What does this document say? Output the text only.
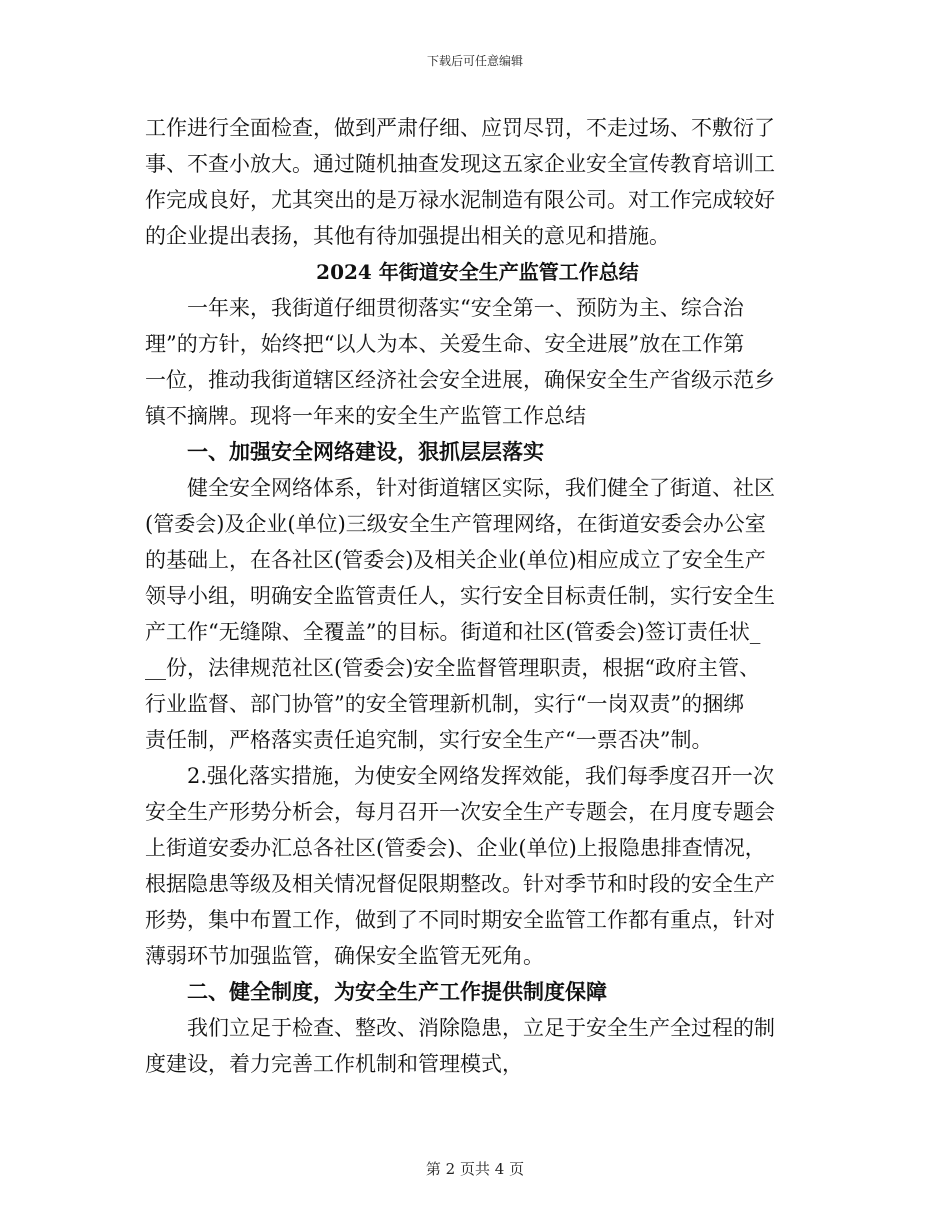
下载后可任意编辑
工作进行全面检查，做到严肃仔细、应罚尽罚，不走过场、不敷衍了
事、不查小放大。通过随机抽查发现这五家企业安全宣传教育培训工
作完成良好，尤其突出的是万禄水泥制造有限公司。对工作完成较好
的企业提出表扬，其他有待加强提出相关的意见和措施。
2024 年街道安全生产监管工作总结
一年来，我街道仔细贯彻落实“安全第一、预防为主、综合治
理”的方针，始终把“以人为本、关爱生命、安全进展”放在工作第
一位，推动我街道辖区经济社会安全进展，确保安全生产省级示范乡
镇不摘牌。现将一年来的安全生产监管工作总结
一、加强安全网络建设，狠抓层层落实
健全安全网络体系，针对街道辖区实际，我们健全了街道、社区
(管委会)及企业(单位)三级安全生产管理网络，在街道安委会办公室
的基础上，在各社区(管委会)及相关企业(单位)相应成立了安全生产
领导小组，明确安全监管责任人，实行安全目标责任制，实行安全生
产工作“无缝隙、全覆盖”的目标。街道和社区(管委会)签订责任状_
__份，法律规范社区(管委会)安全监督管理职责，根据“政府主管、
行业监督、部门协管”的安全管理新机制，实行“一岗双责”的捆绑
责任制，严格落实责任追究制，实行安全生产“一票否决”制。
2.强化落实措施，为使安全网络发挥效能，我们每季度召开一次
安全生产形势分析会，每月召开一次安全生产专题会，在月度专题会
上街道安委办汇总各社区(管委会)、企业(单位)上报隐患排查情况，
根据隐患等级及相关情况督促限期整改。针对季节和时段的安全生产
形势，集中布置工作，做到了不同时期安全监管工作都有重点，针对
薄弱环节加强监管，确保安全监管无死角。
二、健全制度，为安全生产工作提供制度保障
我们立足于检查、整改、消除隐患，立足于安全生产全过程的制
度建设，着力完善工作机制和管理模式，
第 2 页共 4 页
